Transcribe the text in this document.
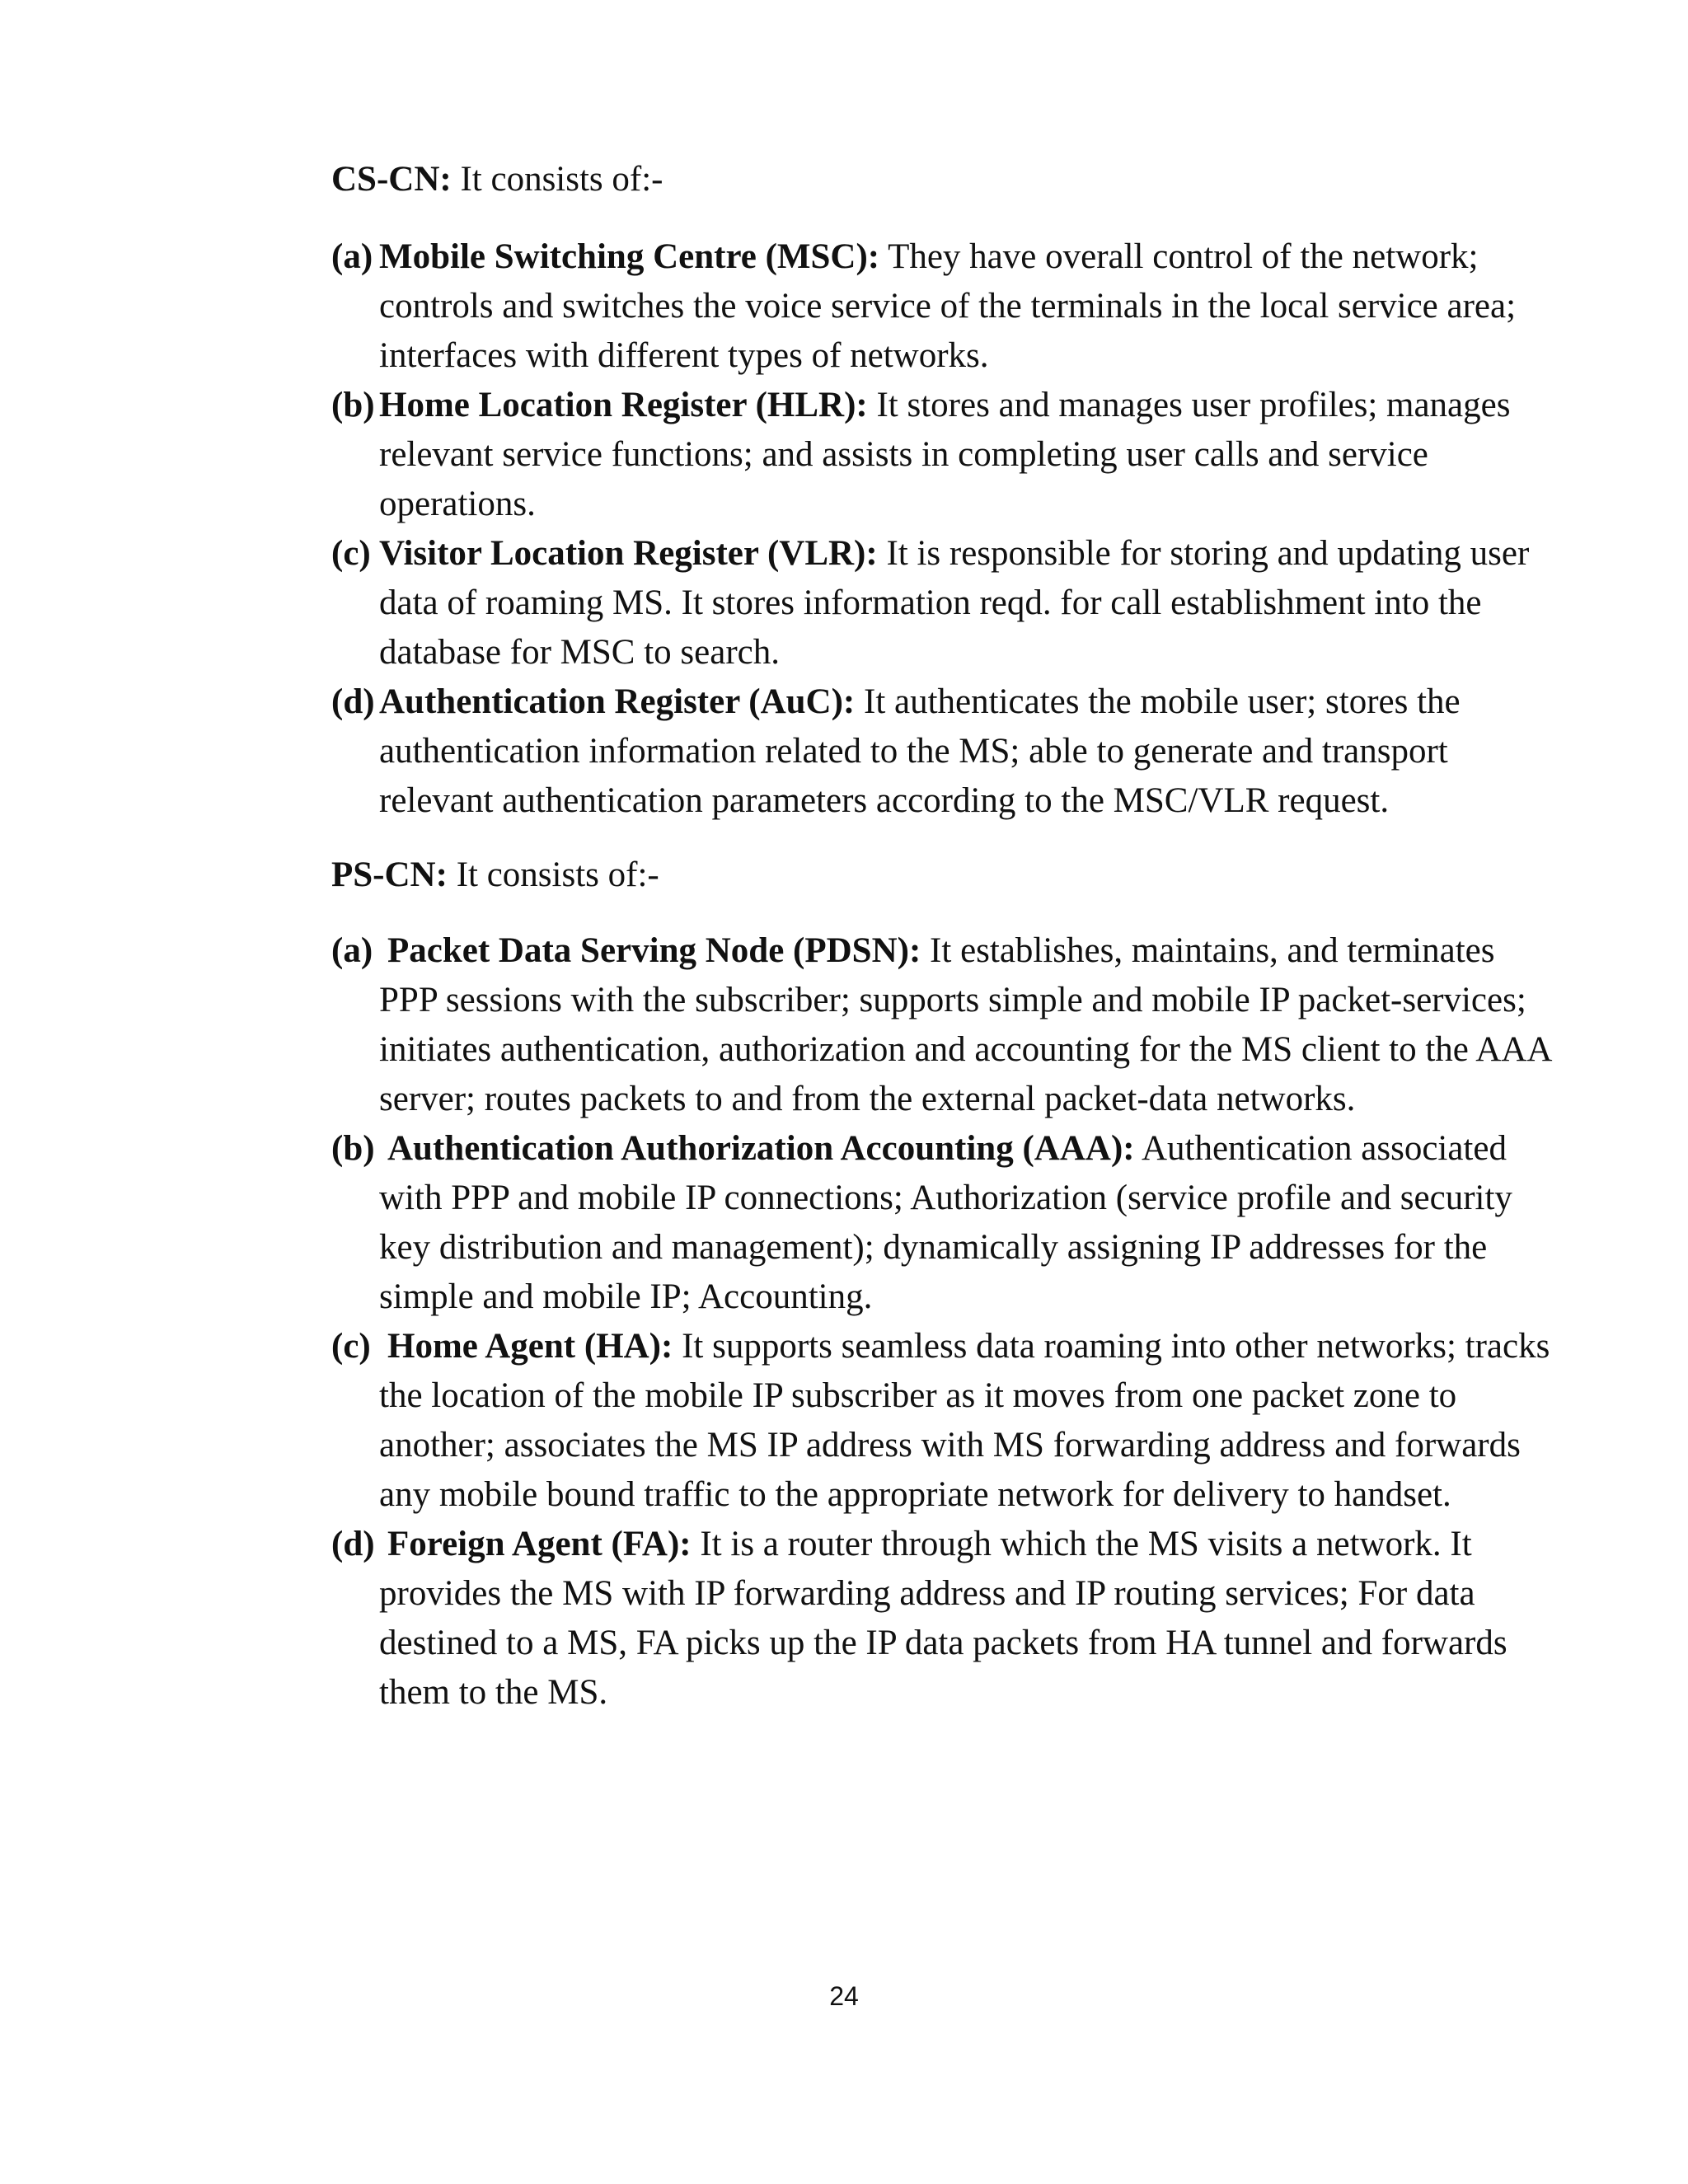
CS-CN: It consists of:-
(a) Mobile Switching Centre (MSC): They have overall control of the network; controls and switches the voice service of the terminals in the local service area; interfaces with different types of networks.
(b) Home Location Register (HLR): It stores and manages user profiles; manages relevant service functions; and assists in completing user calls and service operations.
(c) Visitor Location Register (VLR): It is responsible for storing and updating user data of roaming MS. It stores information reqd. for call establishment into the database for MSC to search.
(d) Authentication Register (AuC): It authenticates the mobile user; stores the authentication information related to the MS; able to generate and transport relevant authentication parameters according to the MSC/VLR request.
PS-CN: It consists of:-
(a) Packet Data Serving Node (PDSN): It establishes, maintains, and terminates PPP sessions with the subscriber; supports simple and mobile IP packet-services; initiates authentication, authorization and accounting for the MS client to the AAA server; routes packets to and from the external packet-data networks.
(b) Authentication Authorization Accounting (AAA): Authentication associated with PPP and mobile IP connections; Authorization (service profile and security key distribution and management); dynamically assigning IP addresses for the simple and mobile IP; Accounting.
(c) Home Agent (HA): It supports seamless data roaming into other networks; tracks the location of the mobile IP subscriber as it moves from one packet zone to another; associates the MS IP address with MS forwarding address and forwards any mobile bound traffic to the appropriate network for delivery to handset.
(d) Foreign Agent (FA): It is a router through which the MS visits a network. It provides the MS with IP forwarding address and IP routing services; For data destined to a MS, FA picks up the IP data packets from HA tunnel and forwards them to the MS.
24
